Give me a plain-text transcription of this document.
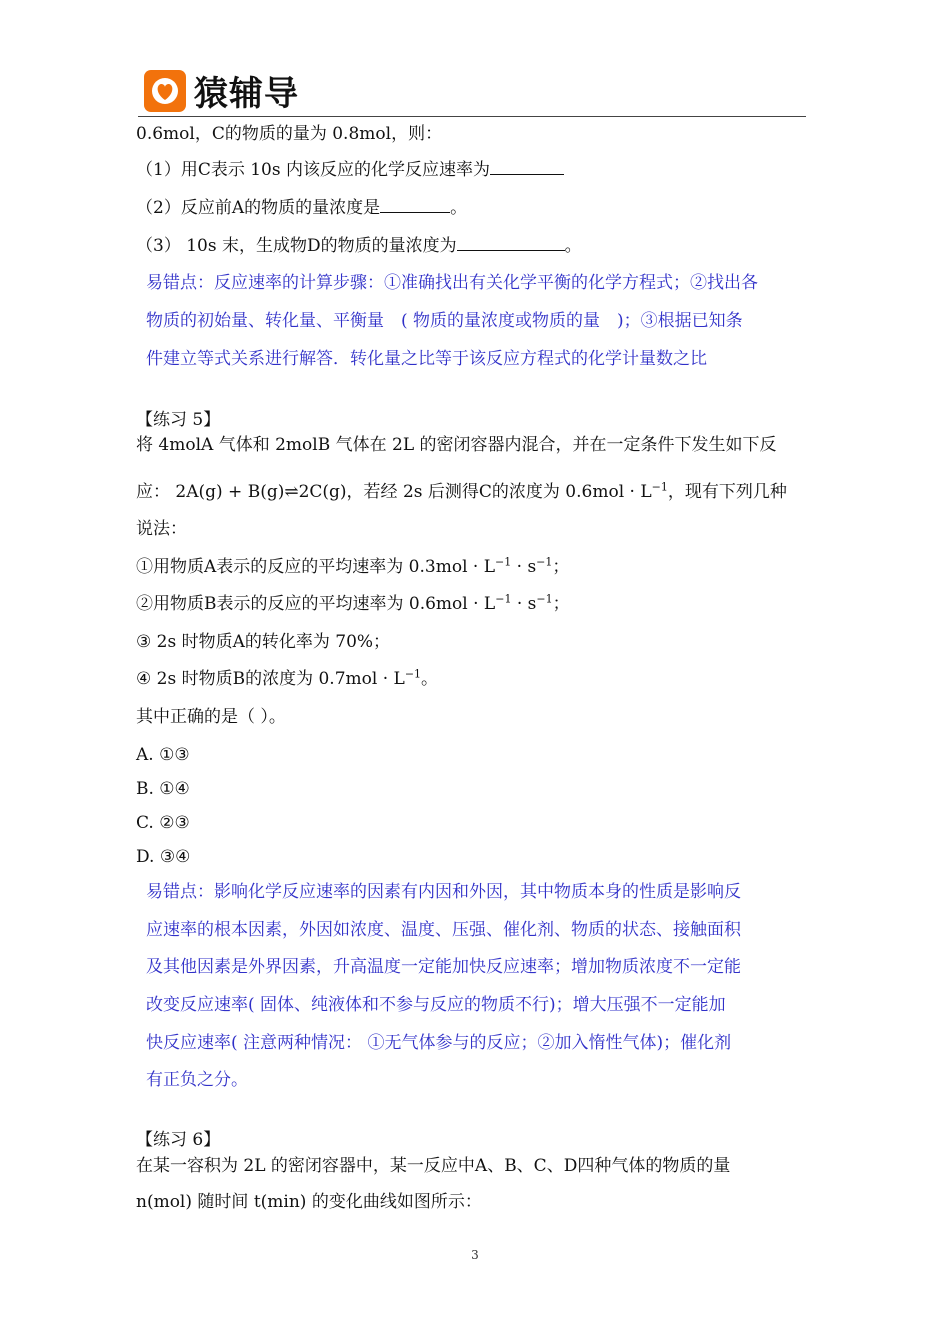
猿辅导
0.6mol，C的物质的量为 0.8mol，则：
（1）用C表示 10s 内该反应的化学反应速率为
（2）反应前A的物质的量浓度是	。
（3） 10s 末，生成物D的物质的量浓度为	。
易错点：反应速率的计算步骤：①准确找出有关化学平衡的化学方程式；②找出各
物质的初始量、转化量、平衡量　( 物质的量浓度或物质的量　)；③根据已知条
件建立等式关系进行解答．转化量之比等于该反应方程式的化学计量数之比
【练习 5】
将 4molA 气体和 2molB 气体在 2L 的密闭容器内混合，并在一定条件下发生如下反
应： 2A(g) + B(g)⇌2C(g)，若经 2s 后测得C的浓度为 $0.6mol \cdot L^{-1}$，现有下列几种
说法：
①用物质A表示的反应的平均速率为 $0.3mol \cdot L^{-1} \cdot s^{-1}$；
②用物质B表示的反应的平均速率为 $0.6mol \cdot L^{-1} \cdot s^{-1}$；
③ 2s 时物质A的转化率为 70%；
④ 2s 时物质B的浓度为 $0.7mol \cdot L^{-1}$。
其中正确的是（ ）。
A. ①③
B. ①④
C. ②③
D. ③④
易错点：影响化学反应速率的因素有内因和外因，其中物质本身的性质是影响反
应速率的根本因素，外因如浓度、温度、压强、催化剂、物质的状态、接触面积
及其他因素是外界因素，升高温度一定能加快反应速率；增加物质浓度不一定能
改变反应速率( 固体、纯液体和不参与反应的物质不行)；增大压强不一定能加
快反应速率( 注意两种情况： ①无气体参与的反应；②加入惰性气体)；催化剂
有正负之分。
【练习 6】
在某一容积为 2L 的密闭容器中，某一反应中A、B、C、D四种气体的物质的量
n(mol) 随时间 t(min) 的变化曲线如图所示：
3
